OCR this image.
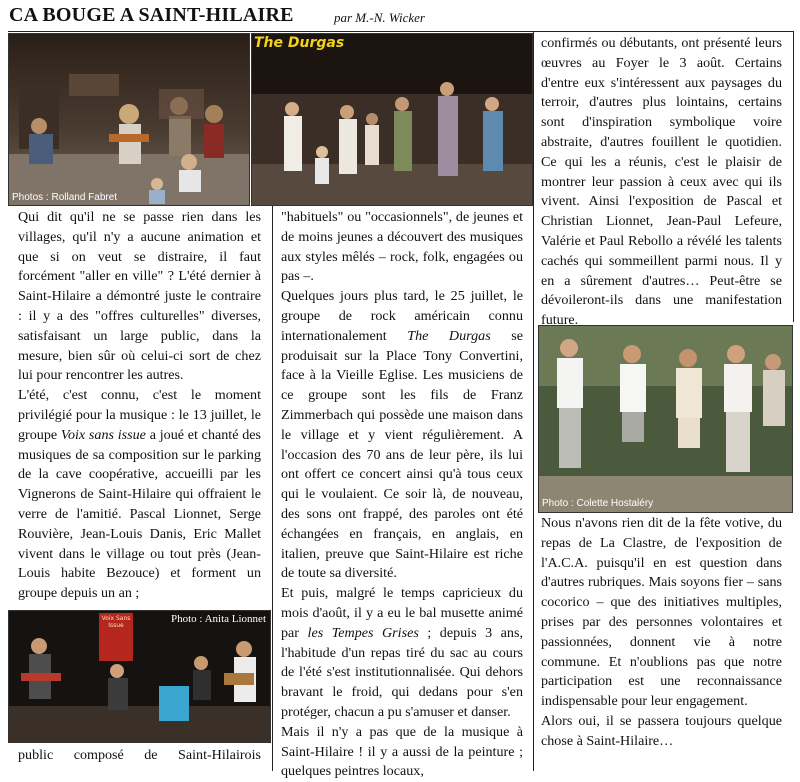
CA BOUGE A SAINT-HILAIRE	par M.-N. Wicker
Photos : Rolland Fabret
The Durgas
Photo : Colette Hostaléry
Voix Sans Issue
Photo : Anita Lionnet

Qui dit qu'il ne se passe rien dans les villages, qu'il n'y a aucune animation et que si on veut se distraire, il faut forcément "aller en ville" ? L'été dernier à Saint-Hilaire a démontré juste le contraire : il y a des "offres culturelles" diverses, satisfaisant un large public, dans la mesure, bien sûr où celui-ci sort de chez lui pour rencontrer les autres.

L'été, c'est connu, c'est le moment privilégié pour la musique : le 13 juillet, le groupe Voix sans issue a joué et chanté des musiques de sa composition sur le parking de la cave coopérative, accueilli par les Vignerons de Saint-Hilaire qui offraient le verre de l'amitié. Pascal Lionnet, Serge Rouvière, Jean-Louis Danis, Eric Mallet vivent dans le village ou tout près (Jean-Louis habite Bezouce) et forment un groupe depuis un an ;

public composé de Saint-Hilairois

"habituels" ou "occasionnels", de jeunes et de moins jeunes a découvert des musiques aux styles mêlés – rock, folk, engagées ou pas –.

Quelques jours plus tard, le 25 juillet, le groupe de rock américain connu internationalement The Durgas se produisait sur la Place Tony Convertini, face à la Vieille Eglise. Les musiciens de ce groupe sont les fils de Franz Zimmerbach qui possède une maison dans le village et y vient régulièrement. A l'occasion des 70 ans de leur père, ils lui ont offert ce concert ainsi qu'à tous ceux qui le voulaient. Ce soir là, de nouveau, des sons ont frappé, des paroles ont été échangées en français, en anglais, en italien, preuve que Saint-Hilaire est riche de toute sa diversité.

Et puis, malgré le temps capricieux du mois d'août, il y a eu le bal musette animé par les Tempes Grises ; depuis 3 ans, l'habitude d'un repas tiré du sac au cours de l'été s'est institutionnalisée. Qui dehors bravant le froid, qui dedans pour s'en protéger, chacun a pu s'amuser et danser.

Mais il n'y a pas que de la musique à Saint-Hilaire ! il y a aussi de la peinture ; quelques peintres locaux,

confirmés ou débutants, ont présenté leurs œuvres au Foyer le 3 août. Certains d'entre eux s'intéressent aux paysages du terroir, d'autres plus lointains, certains sont d'inspiration symbolique voire abstraite, d'autres fouillent le quotidien. Ce qui les a réunis, c'est le plaisir de montrer leur passion à ceux avec qui ils vivent. Ainsi l'exposition de Pascal et Christian Lionnet, Jean-Paul Lefeure, Valérie et Paul Rebollo a révélé les talents cachés qui sommeillent parmi nous. Il y en a sûrement d'autres… Peut-être se dévoileront-ils dans une manifestation future.

Nous n'avons rien dit de la fête votive, du repas de La Clastre, de l'exposition de l'A.C.A. puisqu'il en est question dans d'autres rubriques. Mais soyons fier – sans cocorico – que des initiatives multiples, prises par des personnes volontaires et passionnées, donnent vie à notre commune. Et n'oublions pas que notre participation est une reconnaissance indispensable pour leur engagement.

Alors oui, il se passera toujours quelque chose à Saint-Hilaire…
